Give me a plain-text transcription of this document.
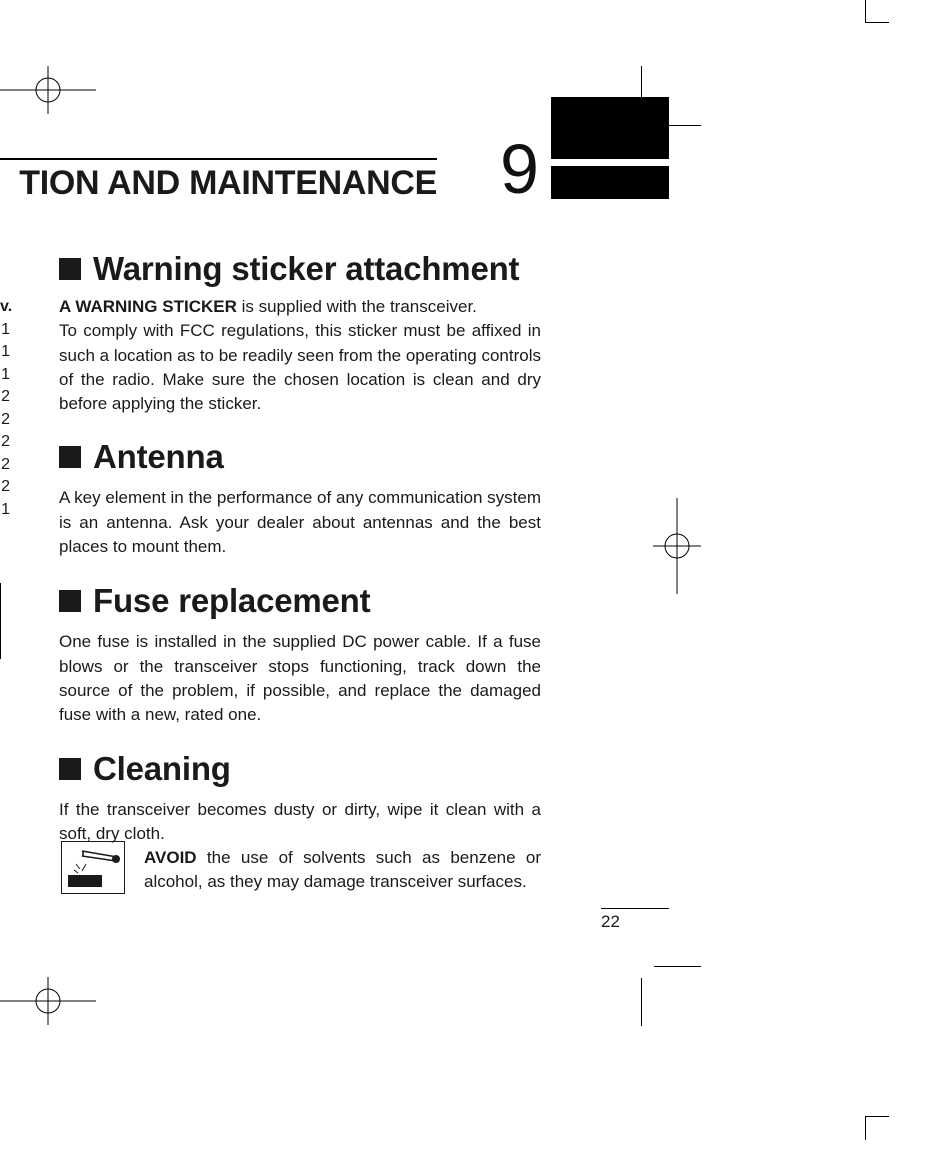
TION AND MAINTENANCE 9
v.
1
1
1
2
2
2
2
2
1
Warning sticker attachment

A WARNING STICKER is supplied with the transceiver.
To comply with FCC regulations, this sticker must be affixed in such a location as to be readily seen from the operating controls of the radio. Make sure the chosen location is clean and dry before applying the sticker.

Antenna

A key element in the performance of any communication system is an antenna. Ask your dealer about antennas and the best places to mount them.

Fuse replacement

One fuse is installed in the supplied DC power cable. If a fuse blows or the transceiver stops functioning, track down the source of the problem, if possible, and replace the damaged fuse with a new, rated one.

Cleaning

If the transceiver becomes dusty or dirty, wipe it clean with a soft, dry cloth.

AVOID the use of solvents such as benzene or alcohol, as they may damage transceiver surfaces.
22
